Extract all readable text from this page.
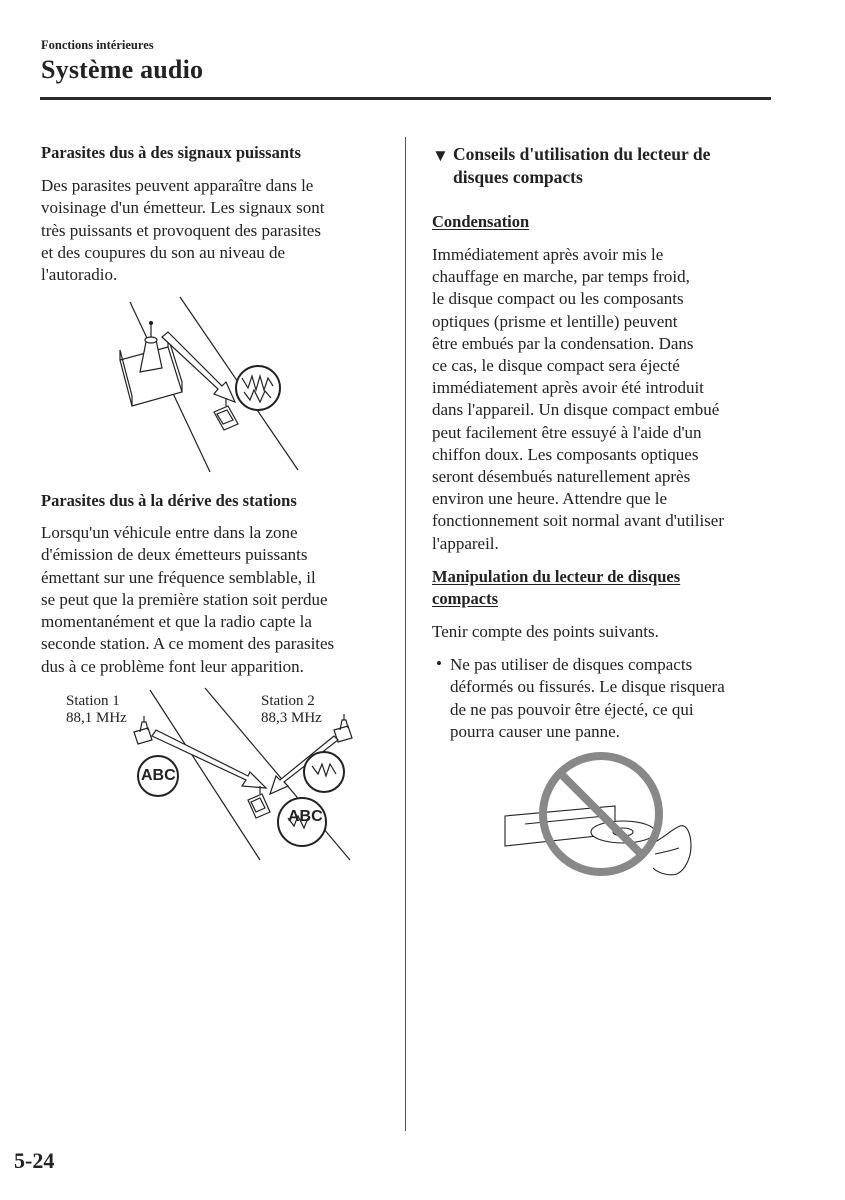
Fonctions intérieures
Système audio
Parasites dus à des signaux puissants
Des parasites peuvent apparaître dans le
voisinage d'un émetteur. Les signaux sont
très puissants et provoquent des parasites
et des coupures du son au niveau de
l'autoradio.
Parasites dus à la dérive des stations
Lorsqu'un véhicule entre dans la zone
d'émission de deux émetteurs puissants
émettant sur une fréquence semblable, il
se peut que la première station soit perdue
momentanément et que la radio capte la
seconde station. A ce moment des parasites
dus à ce problème font leur apparition.
Station 1
88,1 MHz
Station 2
88,3 MHz
ABC
ABC
▼ Conseils d'utilisation du lecteur de
disques compacts
Condensation
Immédiatement après avoir mis le
chauffage en marche, par temps froid,
le disque compact ou les composants
optiques (prisme et lentille) peuvent
être embués par la condensation. Dans
ce cas, le disque compact sera éjecté
immédiatement après avoir été introduit
dans l'appareil. Un disque compact embué
peut facilement être essuyé à l'aide d'un
chiffon doux. Les composants optiques
seront désembués naturellement après
environ une heure. Attendre que le
fonctionnement soit normal avant d'utiliser
l'appareil.
Manipulation du lecteur de disques
compacts
Tenir compte des points suivants.
• Ne pas utiliser de disques compacts
déformés ou fissurés. Le disque risquera
de ne pas pouvoir être éjecté, ce qui
pourra causer une panne.
5-24
